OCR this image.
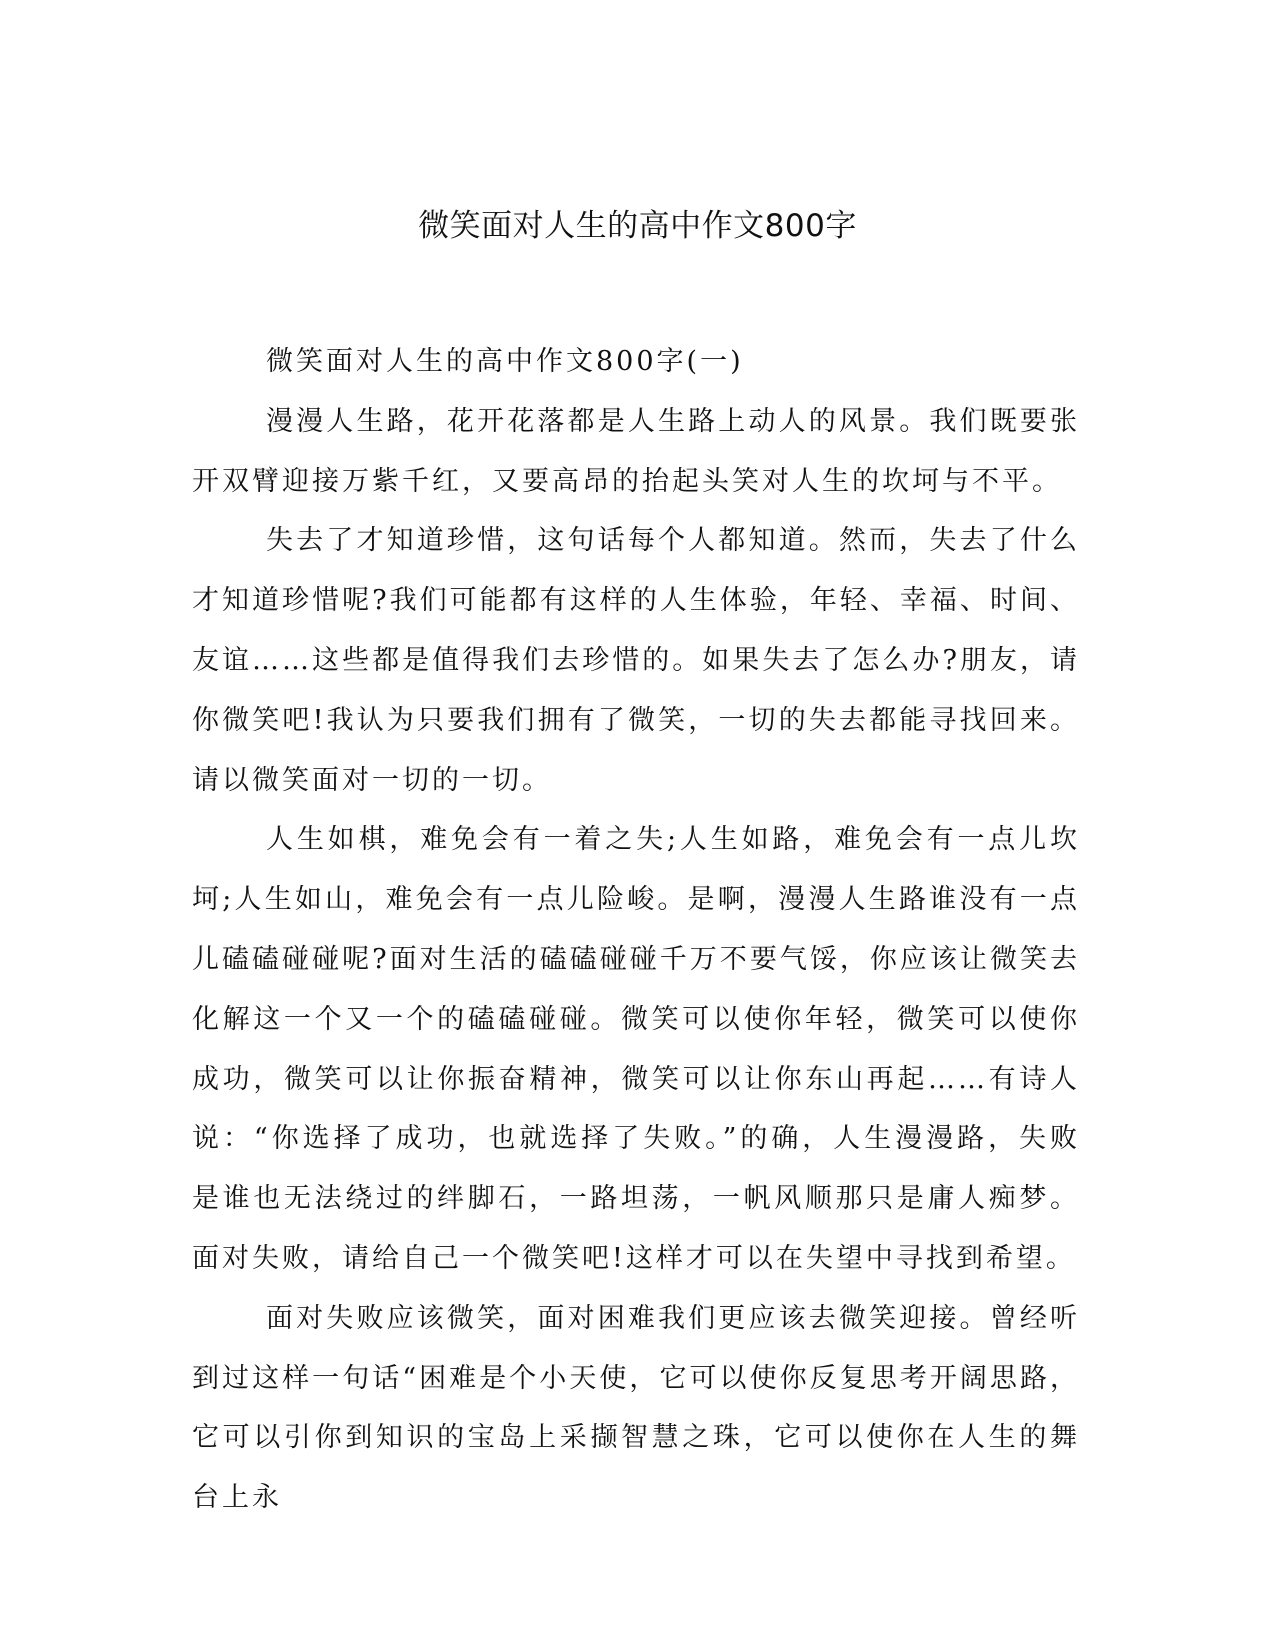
微笑面对人生的高中作文800字

微笑面对人生的高中作文800字(一)

漫漫人生路，花开花落都是人生路上动人的风景。我们既要张开双臂迎接万紫千红，又要高昂的抬起头笑对人生的坎坷与不平。

失去了才知道珍惜，这句话每个人都知道。然而，失去了什么才知道珍惜呢?我们可能都有这样的人生体验，年轻、幸福、时间、友谊……这些都是值得我们去珍惜的。如果失去了怎么办?朋友，请你微笑吧!我认为只要我们拥有了微笑，一切的失去都能寻找回来。请以微笑面对一切的一切。

人生如棋，难免会有一着之失;人生如路，难免会有一点儿坎坷;人生如山，难免会有一点儿险峻。是啊，漫漫人生路谁没有一点儿磕磕碰碰呢?面对生活的磕磕碰碰千万不要气馁，你应该让微笑去化解这一个又一个的磕磕碰碰。微笑可以使你年轻，微笑可以使你成功，微笑可以让你振奋精神，微笑可以让你东山再起……有诗人说：“你选择了成功，也就选择了失败。”的确，人生漫漫路，失败是谁也无法绕过的绊脚石，一路坦荡，一帆风顺那只是庸人痴梦。面对失败，请给自己一个微笑吧!这样才可以在失望中寻找到希望。

面对失败应该微笑，面对困难我们更应该去微笑迎接。曾经听到过这样一句话“困难是个小天使，它可以使你反复思考开阔思路，它可以引你到知识的宝岛上采撷智慧之珠，它可以使你在人生的舞台上永
